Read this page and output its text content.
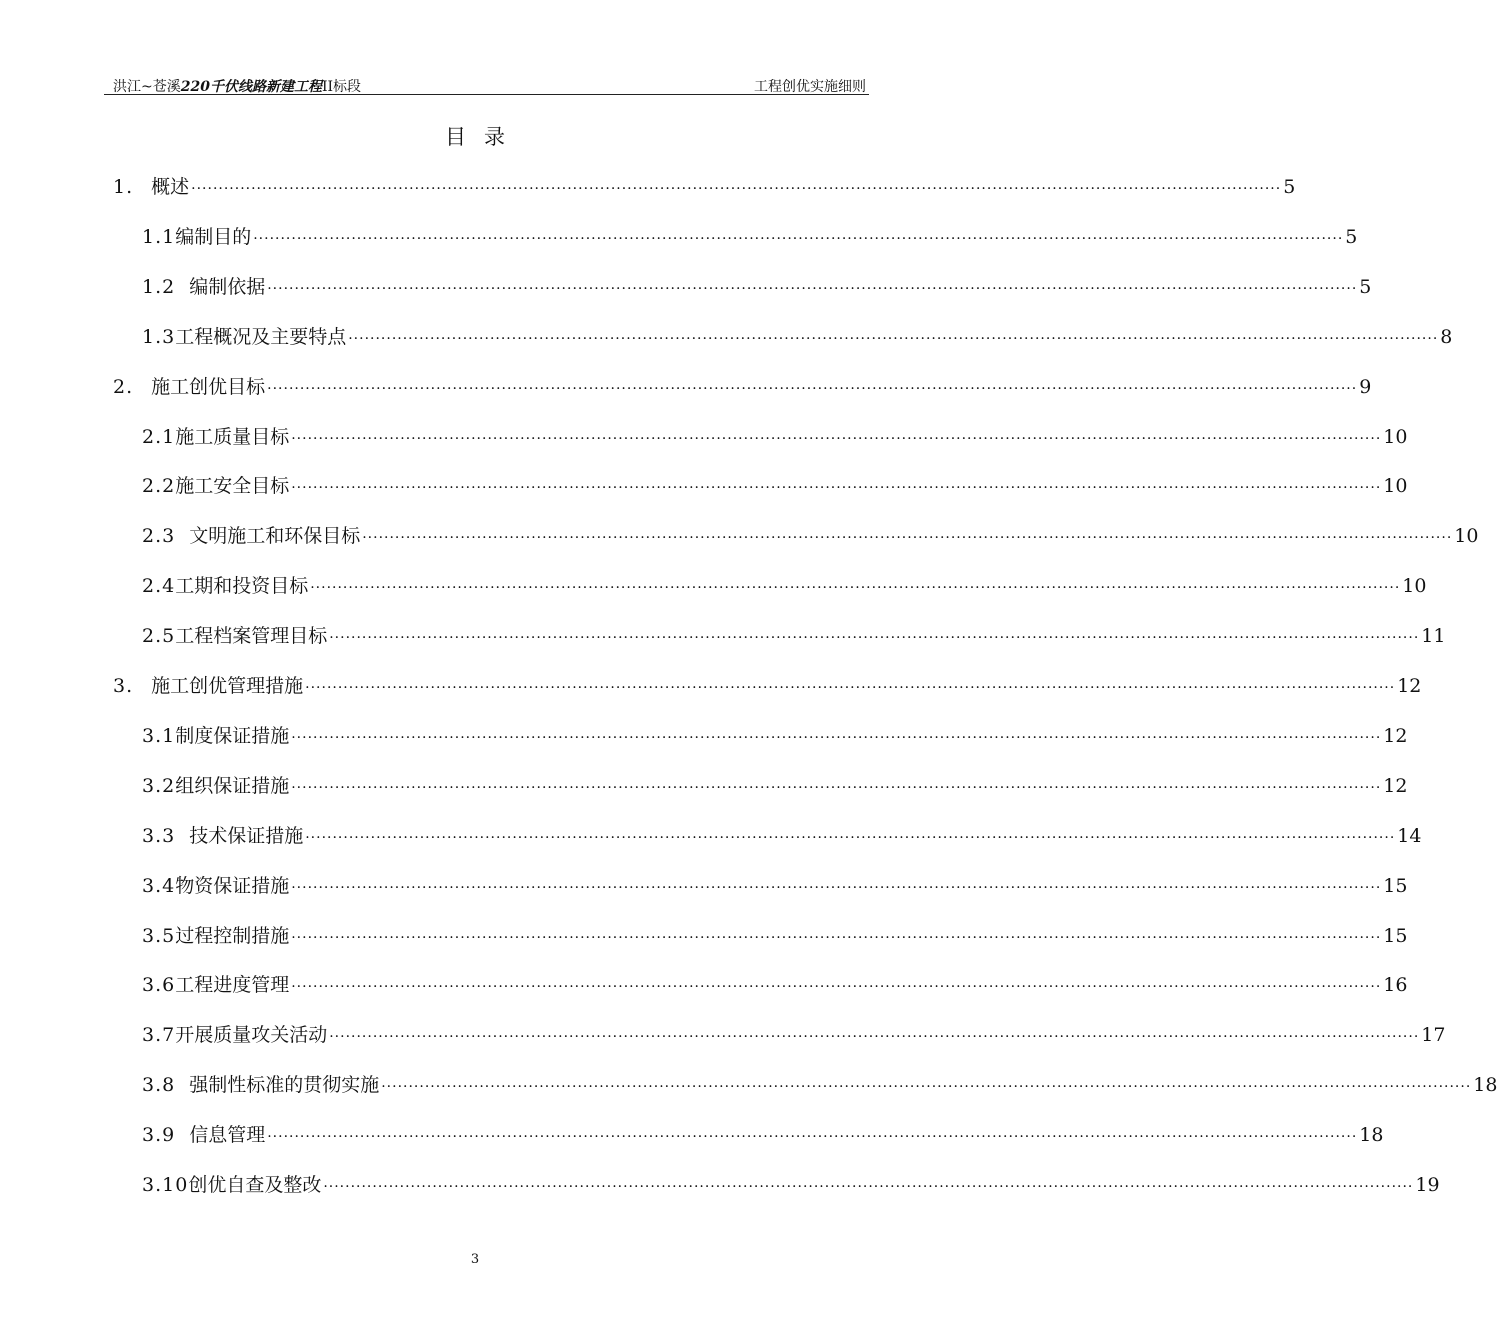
洪江~苍溪220千伏线路新建工程II标段	工程创优实施细则
目录
1. 概述 ········································································································································································································ 5
1.1 编制目的 ········································································································································································································ 5
1.2 编制依据 ········································································································································································································ 5
1.3 工程概况及主要特点 ········································································································································································································ 8
2. 施工创优目标 ········································································································································································································ 9
2.1 施工质量目标 ········································································································································································································ 10
2.2 施工安全目标 ········································································································································································································ 10
2.3 文明施工和环保目标 ········································································································································································································ 10
2.4 工期和投资目标 ········································································································································································································ 10
2.5 工程档案管理目标 ········································································································································································································ 11
3. 施工创优管理措施 ········································································································································································································ 12
3.1 制度保证措施 ········································································································································································································ 12
3.2 组织保证措施 ········································································································································································································ 12
3.3 技术保证措施 ········································································································································································································ 14
3.4 物资保证措施 ········································································································································································································ 15
3.5 过程控制措施 ········································································································································································································ 15
3.6 工程进度管理 ········································································································································································································ 16
3.7 开展质量攻关活动 ········································································································································································································ 17
3.8 强制性标准的贯彻实施 ········································································································································································································ 18
3.9 信息管理 ········································································································································································································ 18
3.10 创优自查及整改 ········································································································································································································ 19
3
